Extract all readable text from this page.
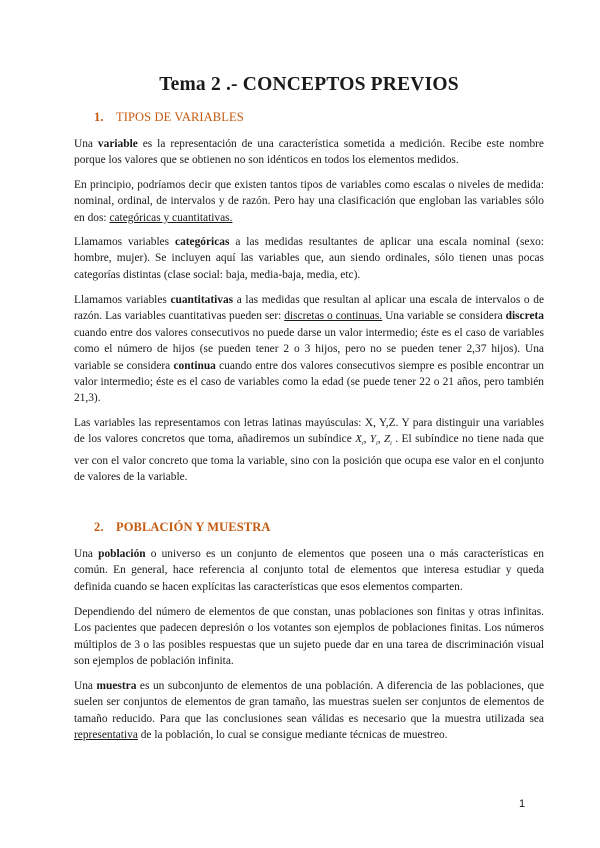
Tema 2 .- CONCEPTOS PREVIOS
1. TIPOS DE VARIABLES

Una variable es la representación de una característica sometida a medición. Recibe este nombre porque los valores que se obtienen no son idénticos en todos los elementos medidos.

En principio, podríamos decir que existen tantos tipos de variables como escalas o niveles de medida: nominal, ordinal, de intervalos y de razón. Pero hay una clasificación que engloban las variables sólo en dos: categóricas y cuantitativas.

Llamamos variables categóricas a las medidas resultantes de aplicar una escala nominal (sexo: hombre, mujer). Se incluyen aquí las variables que, aun siendo ordinales, sólo tienen unas pocas categorías distintas (clase social: baja, media-baja, media, etc).

Llamamos variables cuantitativas a las medidas que resultan al aplicar una escala de intervalos o de razón. Las variables cuantitativas pueden ser: discretas o continuas. Una variable se considera discreta cuando entre dos valores consecutivos no puede darse un valor intermedio; éste es el caso de variables como el número de hijos (se pueden tener 2 o 3 hijos, pero no se pueden tener 2,37 hijos). Una variable se considera continua cuando entre dos valores consecutivos siempre es posible encontrar un valor intermedio; éste es el caso de variables como la edad (se puede tener 22 o 21 años, pero también 21,3).

Las variables las representamos con letras latinas mayúsculas: X, Y,Z. Y para distinguir una variables de los valores concretos que toma, añadiremos un subíndice $X_i$, $Y_i$, $Z_i$ . El subíndice no tiene nada que ver con el valor concreto que toma la variable, sino con la posición que ocupa ese valor en el conjunto de valores de la variable.

2. POBLACIÓN Y MUESTRA

Una población o universo es un conjunto de elementos que poseen una o más características en común. En general, hace referencia al conjunto total de elementos que interesa estudiar y queda definida cuando se hacen explícitas las características que esos elementos comparten.

Dependiendo del número de elementos de que constan, unas poblaciones son finitas y otras infinitas. Los pacientes que padecen depresión o los votantes son ejemplos de poblaciones finitas. Los números múltiplos de 3 o las posibles respuestas que un sujeto puede dar en una tarea de discriminación visual son ejemplos de población infinita.

Una muestra es un subconjunto de elementos de una población. A diferencia de las poblaciones, que suelen ser conjuntos de elementos de gran tamaño, las muestras suelen ser conjuntos de elementos de tamaño reducido. Para que las conclusiones sean válidas es necesario que la muestra utilizada sea representativa de la población, lo cual se consigue mediante técnicas de muestreo.

1
